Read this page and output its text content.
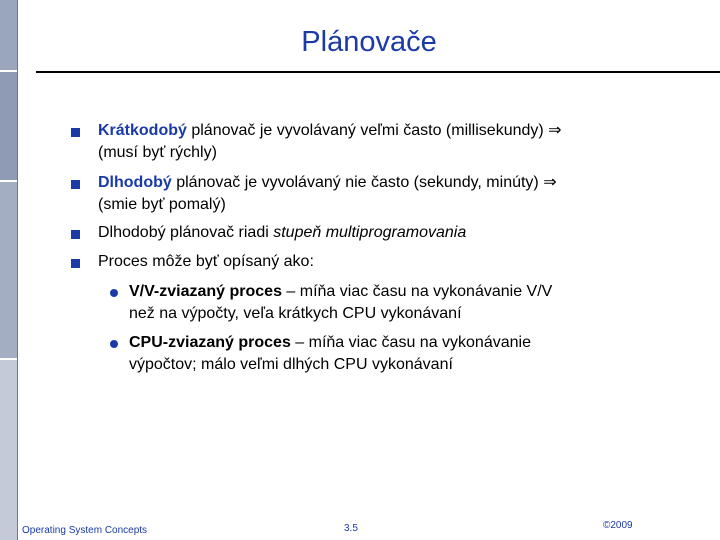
Plánovače
Krátkodobý plánovač je vyvolávaný veľmi často (millisekundy) ⇒
(musí byť rýchly)
Dlhodobý plánovač je vyvolávaný nie často (sekundy, minúty) ⇒
(smie byť pomalý)
Dlhodobý plánovač riadi stupeň multiprogramovania
Proces môže byť opísaný ako:
V/V-zviazaný proces – míňa viac času na vykonávanie V/V
než na výpočty, veľa krátkych CPU vykonávaní
CPU-zviazaný proces – míňa viac času na vykonávanie
výpočtov; málo veľmi dlhých CPU vykonávaní
Operating System Concepts	3.5	©2009
